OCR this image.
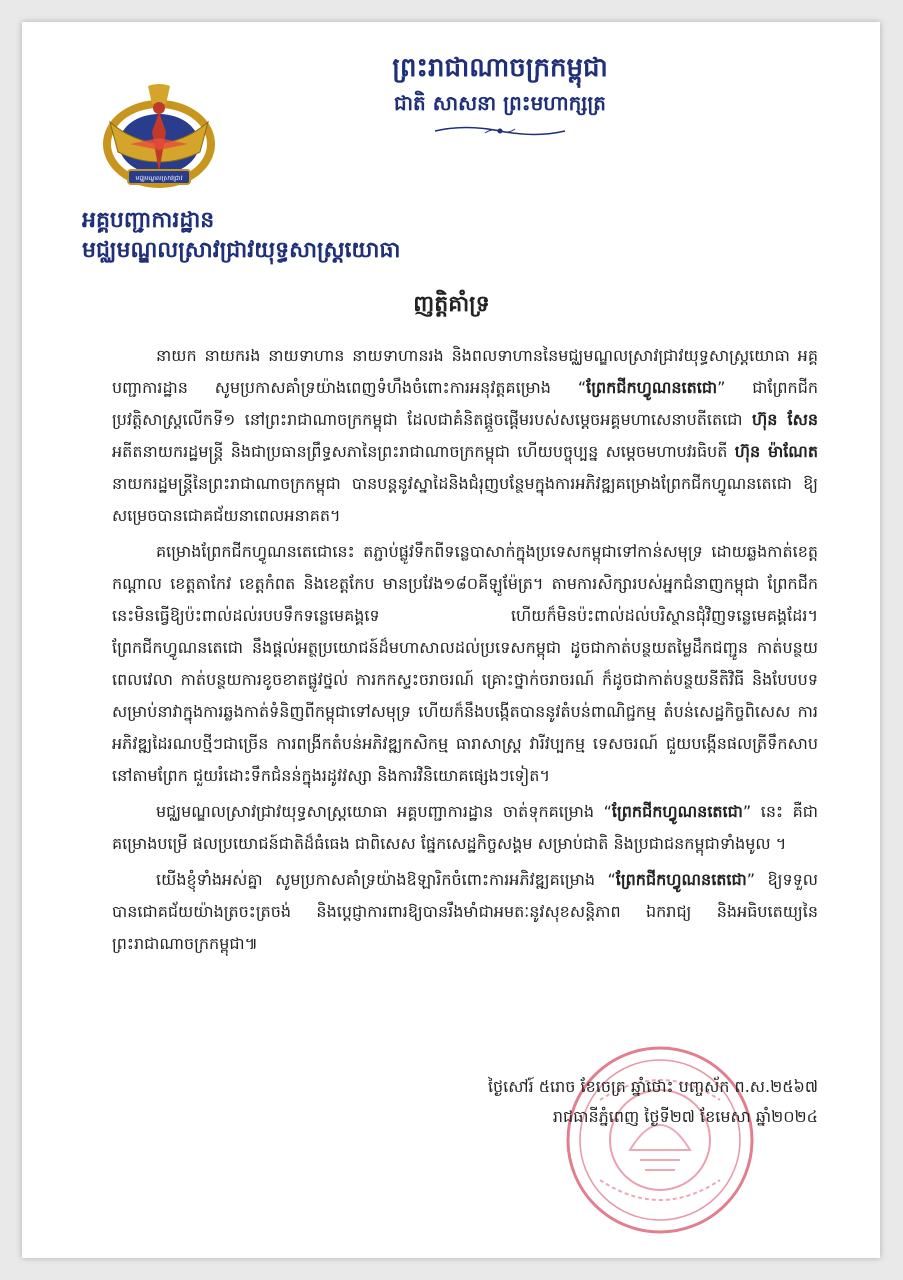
ព្រះរាជាណាចក្រកម្ពុជា
ជាតិ សាសនា ព្រះមហាក្សត្រ
មជ្ឈមណ្ឌលស្រាវជ្រាវ
អគ្គបញ្ជាការដ្ឋាន
មជ្ឈមណ្ឌលស្រាវជ្រាវយុទ្ធសាស្ត្រយោធា
ញត្តិគាំទ្រ

នាយក នាយករង នាយទាហាន នាយទាហានរង និងពលទាហាននៃមជ្ឈមណ្ឌលស្រាវជ្រាវយុទ្ធសាស្ត្រយោធា អគ្គបញ្ជាការដ្ឋាន សូមប្រកាសគាំទ្រយ៉ាងពេញទំហឹងចំពោះការអនុវត្តគម្រោង “ព្រែកជីកហ្វូណនតេជោ” ជាព្រែកជីកប្រវត្តិសាស្ត្រលើកទី១ នៅព្រះរាជាណាចក្រកម្ពុជា ដែលជាគំនិតផ្តួចផ្តើមរបស់សម្តេចអគ្គមហាសេនាបតីតេជោ ហ៊ុន សែន អតីតនាយករដ្ឋមន្ត្រី និងជាប្រធានព្រឹទ្ធសភានៃព្រះរាជាណាចក្រកម្ពុជា ហើយបច្ចុប្បន្ន សម្តេចមហាបវរធិបតី ហ៊ុន ម៉ាណែត នាយករដ្ឋមន្ត្រីនៃព្រះរាជាណាចក្រកម្ពុជា បានបន្តនូវស្នាដៃនិងជំរុញបន្ថែមក្នុងការអភិវឌ្ឍគម្រោងព្រែកជីកហ្វូណនតេជោ ឱ្យសម្រេចបានជោគជ័យនាពេលអនាគត។

គម្រោងព្រែកជីកហ្វូណនតេជោនេះ តភ្ជាប់ផ្លូវទឹកពីទន្លេបាសាក់ក្នុងប្រទេសកម្ពុជាទៅកាន់សមុទ្រ ដោយឆ្លងកាត់ខេត្តកណ្តាល ខេត្តតាកែវ ខេត្តកំពត និងខេត្តកែប មានប្រវែង១៨០គីឡូម៉ែត្រ។ តាមការសិក្សារបស់អ្នកជំនាញកម្ពុជា ព្រែកជីកនេះមិនធ្វើឱ្យប៉ះពាល់ដល់របបទឹកទន្លេមេគង្គទេ ហើយក៏មិនប៉ះពាល់ដល់បរិស្ថានជុំវិញទន្លេមេគង្គដែរ។ ព្រែកជីកហ្វូណនតេជោ នឹងផ្តល់អត្ថប្រយោជន៍ដ៏មហាសាលដល់ប្រទេសកម្ពុជា ដូចជាកាត់បន្ថយតម្លៃដឹកជញ្ជូន កាត់បន្ថយពេលវេលា កាត់បន្ថយការខូចខាតផ្លូវថ្នល់ ការកកស្ទះចរាចរណ៍ គ្រោះថ្នាក់ចរាចរណ៍ ក៏ដូចជាកាត់បន្ថយនីតិវិធី និងបែបបទសម្រាប់នាវាក្នុងការឆ្លងកាត់ទំនិញពីកម្ពុជាទៅសមុទ្រ ហើយក៏នឹងបង្កើតបាននូវតំបន់ពាណិជ្ជកម្ម តំបន់សេដ្ឋកិច្ចពិសេស ការអភិវឌ្ឍដៃរណបថ្មីៗជាច្រើន ការពង្រីកតំបន់អភិវឌ្ឍកសិកម្ម ធារាសាស្ត្រ វារីវប្បកម្ម ទេសចរណ៍ ជួយបង្កើនផលត្រីទឹកសាបនៅតាមព្រែក ជួយរំដោះទឹកជំនន់ក្នុងរដូវវស្សា និងការវិនិយោគផ្សេងៗទៀត។

មជ្ឈមណ្ឌលស្រាវជ្រាវយុទ្ធសាស្ត្រយោធា អគ្គបញ្ជាការដ្ឋាន ចាត់ទុកគម្រោង “ព្រែកជីកហ្វូណនតេជោ” នេះ គឺជាគម្រោងបម្រើ ផលប្រយោជន៍ជាតិដ៏ធំធេង ជាពិសេស ផ្នែកសេដ្ឋកិច្ចសង្គម សម្រាប់ជាតិ និងប្រជាជនកម្ពុជាទាំងមូល ។

យើងខ្ញុំទាំងអស់គ្នា សូមប្រកាសគាំទ្រយ៉ាងឱឡារិកចំពោះការអភិវឌ្ឍគម្រោង “ព្រែកជីកហ្វូណនតេជោ” ឱ្យទទួលបានជោគជ័យយ៉ាងត្រចះត្រចង់ និងប្តេជ្ញាការពារឱ្យបានរឹងមាំជាអមតៈនូវសុខសន្តិភាព ឯករាជ្យ និងអធិបតេយ្យនៃព្រះរាជាណាចក្រកម្ពុជា៕

ថ្ងៃសៅរ៍ ៥រោច ខែចេត្រ ឆ្នាំថោះ បញ្ចស័ក ព.ស.២៥៦៧
រាជធានីភ្នំពេញ ថ្ងៃទី២៧ ខែមេសា ឆ្នាំ២០២៤
